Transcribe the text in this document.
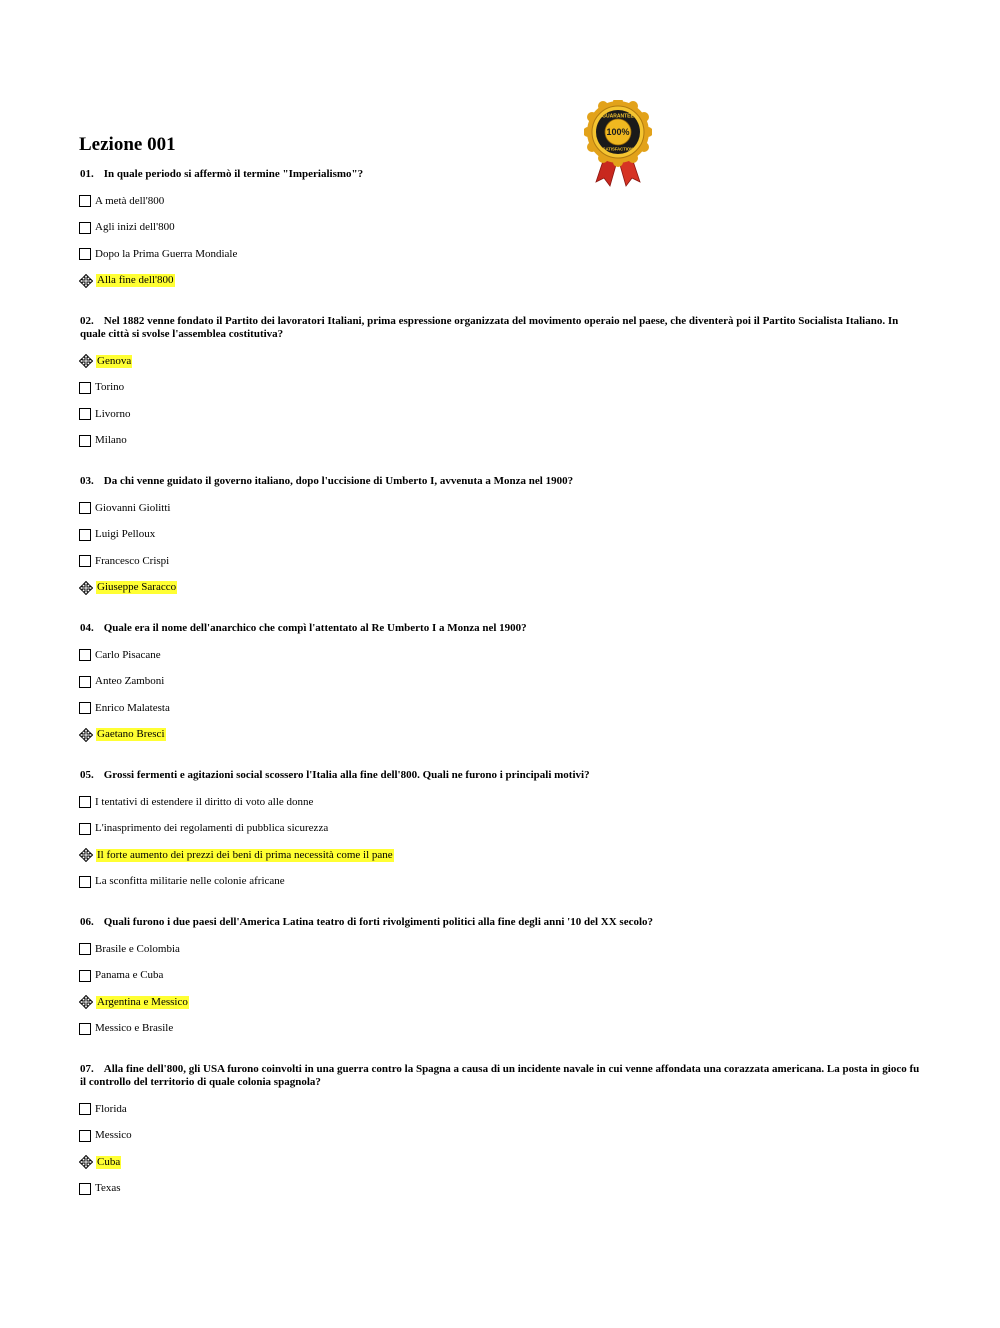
GUARANTEE
100%
SATISFACTION
Lezione 001

01. In quale periodo si affermò il termine "Imperialismo"?

A metà dell'800
Agli inizi dell'800
Dopo la Prima Guerra Mondiale
Alla fine dell'800

02. Nel 1882 venne fondato il Partito dei lavoratori Italiani, prima espressione organizzata del movimento operaio nel paese, che diventerà poi il Partito Socialista Italiano. In quale città si svolse l'assemblea costitutiva?

Genova
Torino
Livorno
Milano

03. Da chi venne guidato il governo italiano, dopo l'uccisione di Umberto I, avvenuta a Monza nel 1900?

Giovanni Giolitti
Luigi Pelloux
Francesco Crispi
Giuseppe Saracco

04. Quale era il nome dell'anarchico che compì l'attentato al Re Umberto I a Monza nel 1900?

Carlo Pisacane
Anteo Zamboni
Enrico Malatesta
Gaetano Bresci

05. Grossi fermenti e agitazioni social scossero l'Italia alla fine dell'800. Quali ne furono i principali motivi?

I tentativi di estendere il diritto di voto alle donne
L'inasprimento dei regolamenti di pubblica sicurezza
Il forte aumento dei prezzi dei beni di prima necessità come il pane
La sconfitta militarie nelle colonie africane

06. Quali furono i due paesi dell'America Latina teatro di forti rivolgimenti politici alla fine degli anni '10 del XX secolo?

Brasile e Colombia
Panama e Cuba
Argentina e Messico
Messico e Brasile

07. Alla fine dell'800, gli USA furono coinvolti in una guerra contro la Spagna a causa di un incidente navale in cui venne affondata una corazzata americana. La posta in gioco fu il controllo del territorio di quale colonia spagnola?

Florida
Messico
Cuba
Texas
